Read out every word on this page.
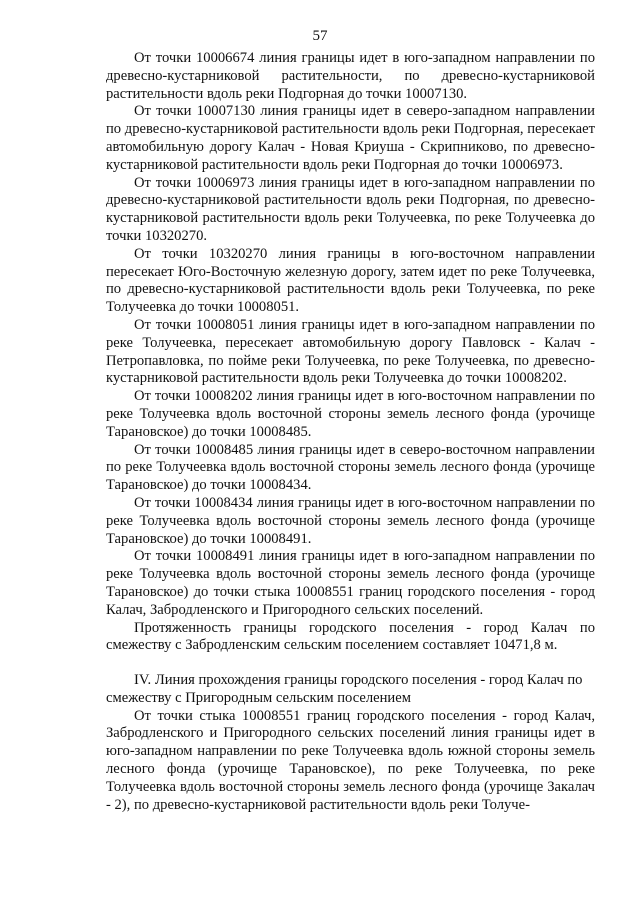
57

От точки 10006674 линия границы идет в юго-западном направлении по древесно-кустарниковой растительности, по древесно-кустарниковой растительности вдоль реки Подгорная до точки 10007130.

От точки 10007130 линия границы идет в северо-западном направлении по древесно-кустарниковой растительности вдоль реки Подгорная, пересекает автомобильную дорогу Калач - Новая Криуша - Скрипниково, по древесно-кустарниковой растительности вдоль реки Подгорная до точки 10006973.

От точки 10006973 линия границы идет в юго-западном направлении по древесно-кустарниковой растительности вдоль реки Подгорная, по древесно-кустарниковой растительности вдоль реки Толучеевка, по реке Толучеевка до точки 10320270.

От точки 10320270 линия границы в юго-восточном направлении пересекает Юго-Восточную железную дорогу, затем идет по реке Толучеевка, по древесно-кустарниковой растительности вдоль реки Толучеевка, по реке Толучеевка до точки 10008051.

От точки 10008051 линия границы идет в юго-западном направлении по реке Толучеевка, пересекает автомобильную дорогу Павловск - Калач - Петропавловка, по пойме реки Толучеевка, по реке Толучеевка, по древесно-кустарниковой растительности вдоль реки Толучеевка до точки 10008202.

От точки 10008202 линия границы идет в юго-восточном направлении по реке Толучеевка вдоль восточной стороны земель лесного фонда (урочище Тарановское) до точки 10008485.

От точки 10008485 линия границы идет в северо-восточном направлении по реке Толучеевка вдоль восточной стороны земель лесного фонда (урочище Тарановское) до точки 10008434.

От точки 10008434 линия границы идет в юго-восточном направлении по реке Толучеевка вдоль восточной стороны земель лесного фонда (урочище Тарановское) до точки 10008491.

От точки 10008491 линия границы идет в юго-западном направлении по реке Толучеевка вдоль восточной стороны земель лесного фонда (урочище Тарановское) до точки стыка 10008551 границ городского поселения - город Калач, Забродленского и Пригородного сельских поселений.

Протяженность границы городского поселения - город Калач по смежеству с Забродленским сельским поселением составляет 10471,8 м.

IV. Линия прохождения границы городского поселения - город Калач по смежеству с Пригородным сельским поселением

От точки стыка 10008551 границ городского поселения - город Калач, Забродленского и Пригородного сельских поселений линия границы идет в юго-западном направлении по реке Толучеевка вдоль южной стороны земель лесного фонда (урочище Тарановское), по реке Толучеевка, по реке Толучеевка вдоль восточной стороны земель лесного фонда (урочище Закалач - 2), по древесно-кустарниковой растительности вдоль реки Толуче-
